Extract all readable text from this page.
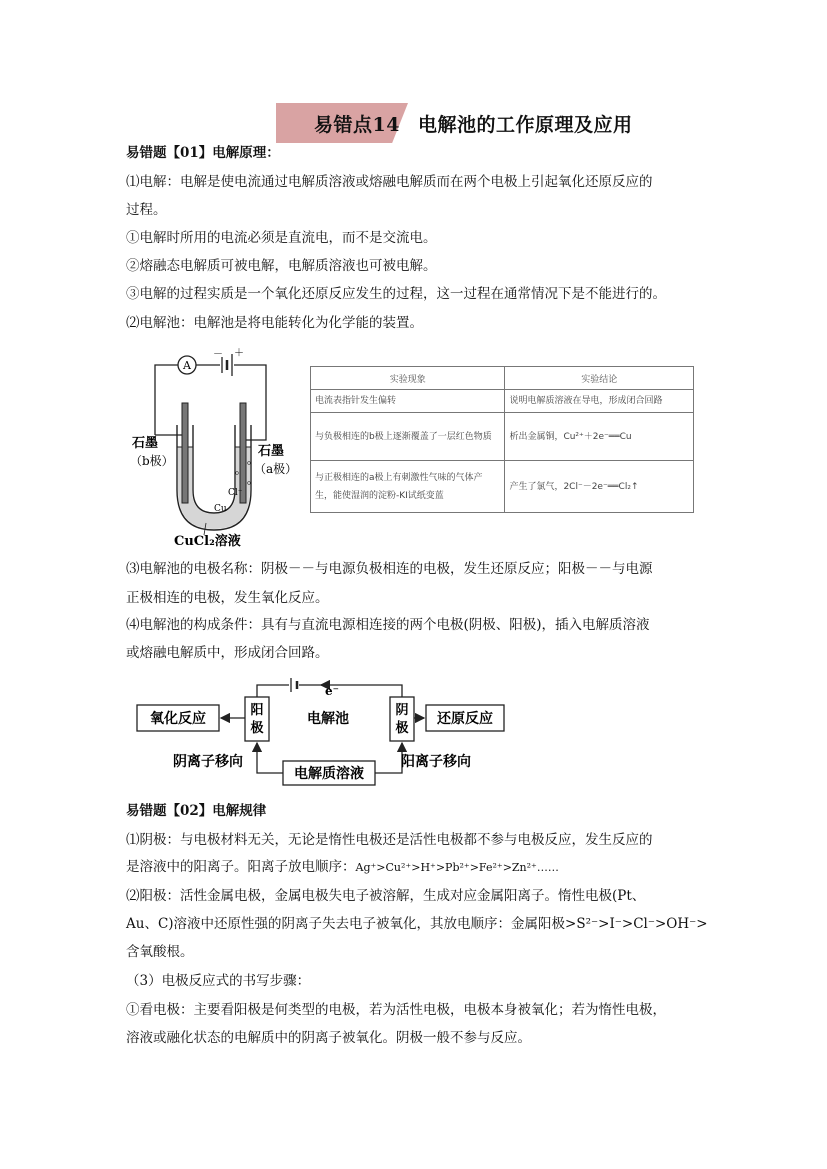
易错点14 电解池的工作原理及应用
易错题【01】电解原理：
⑴电解：电解是使电流通过电解质溶液或熔融电解质而在两个电极上引起氧化还原反应的
过程。
①电解时所用的电流必须是直流电，而不是交流电。
②熔融态电解质可被电解，电解质溶液也可被电解。
③电解的过程实质是一个氧化还原反应发生的过程，这一过程在通常情况下是不能进行的。
⑵电解池：电解池是将电能转化为化学能的装置。
A
－ ＋
石墨
（b极）
石墨
（a极）
Cu
Cl⁻
CuCl₂溶液
实验现象	实验结论
电流表指针发生偏转	说明电解质溶液在导电，形成闭合回路
与负极相连的b极上逐渐覆盖了一层红色物质	析出金属铜，Cu²⁺＋2e⁻══Cu
与正极相连的a极上有刺激性气味的气体产生，能使湿润的淀粉-KI试纸变蓝	产生了氯气，2Cl⁻－2e⁻══Cl₂↑
⑶电解池的电极名称：阴极－－与电源负极相连的电极，发生还原反应；阳极－－与电源
正极相连的电极，发生氧化反应。
⑷电解池的构成条件：具有与直流电源相连接的两个电极(阴极、阳极)，插入电解质溶液
或熔融电解质中，形成闭合回路。
e⁻
氧化反应
阳
极
电解池
阴
极
还原反应
电解质溶液
阴离子移向	阳离子移向
易错题【02】电解规律
⑴阴极：与电极材料无关，无论是惰性电极还是活性电极都不参与电极反应，发生反应的
是溶液中的阳离子。阳离子放电顺序：Ag⁺>Cu²⁺>H⁺>Pb²⁺>Fe²⁺>Zn²⁺……
⑵阳极：活性金属电极，金属电极失电子被溶解，生成对应金属阳离子。惰性电极(Pt、
Au、C)溶液中还原性强的阴离子失去电子被氧化，其放电顺序：金属阳极>S²⁻>I⁻>Cl⁻>OH⁻>
含氧酸根。
（3）电极反应式的书写步骤：
①看电极：主要看阳极是何类型的电极，若为活性电极，电极本身被氧化；若为惰性电极，
溶液或融化状态的电解质中的阴离子被氧化。阴极一般不参与反应。
